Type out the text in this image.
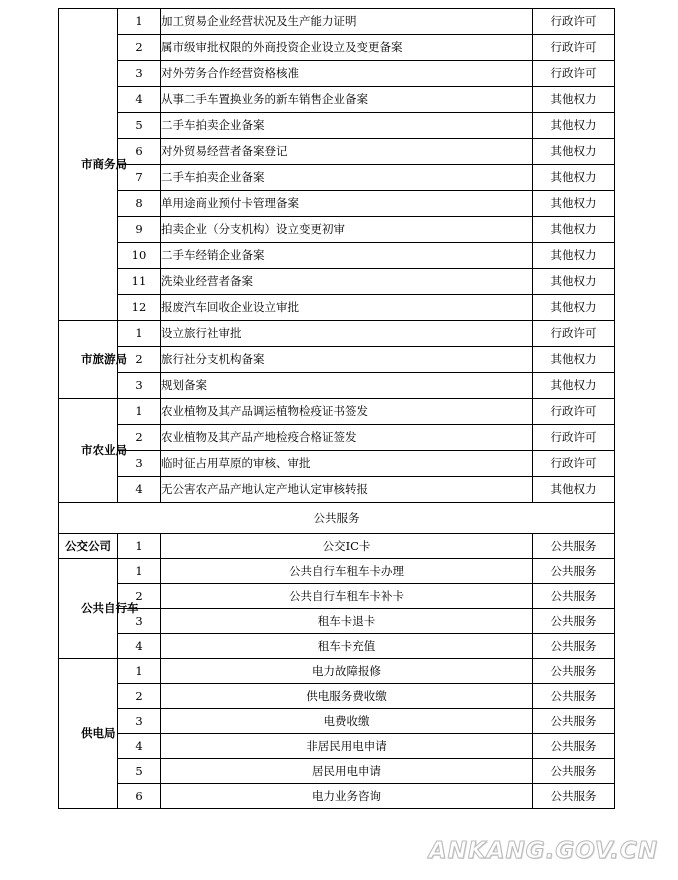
市商务局	1	加工贸易企业经营状况及生产能力证明	行政许可
	2	属市级审批权限的外商投资企业设立及变更备案	行政许可
	3	对外劳务合作经营资格核准	行政许可
	4	从事二手车置换业务的新车销售企业备案	其他权力
	5	二手车拍卖企业备案	其他权力
	6	对外贸易经营者备案登记	其他权力
	7	二手车拍卖企业备案	其他权力
	8	单用途商业预付卡管理备案	其他权力
	9	拍卖企业（分支机构）设立变更初审	其他权力
	10	二手车经销企业备案	其他权力
	11	洗染业经营者备案	其他权力
	12	报废汽车回收企业设立审批	其他权力
市旅游局	1	设立旅行社审批	行政许可
	2	旅行社分支机构备案	其他权力
	3	规划备案	其他权力
市农业局	1	农业植物及其产品调运植物检疫证书签发	行政许可
	2	农业植物及其产品产地检疫合格证签发	行政许可
	3	临时征占用草原的审核、审批	行政许可
	4	无公害农产品产地认定产地认定审核转报	其他权力
公共服务			
公交公司	1	公交IC卡	公共服务
公共自行车	1	公共自行车租车卡办理	公共服务
	2	公共自行车租车卡补卡	公共服务
	3	租车卡退卡	公共服务
	4	租车卡充值	公共服务
供电局	1	电力故障报修	公共服务
	2	供电服务费收缴	公共服务
	3	电费收缴	公共服务
	4	非居民用电申请	公共服务
	5	居民用电申请	公共服务
	6	电力业务咨询	公共服务
ANKANG.GOV.CN
